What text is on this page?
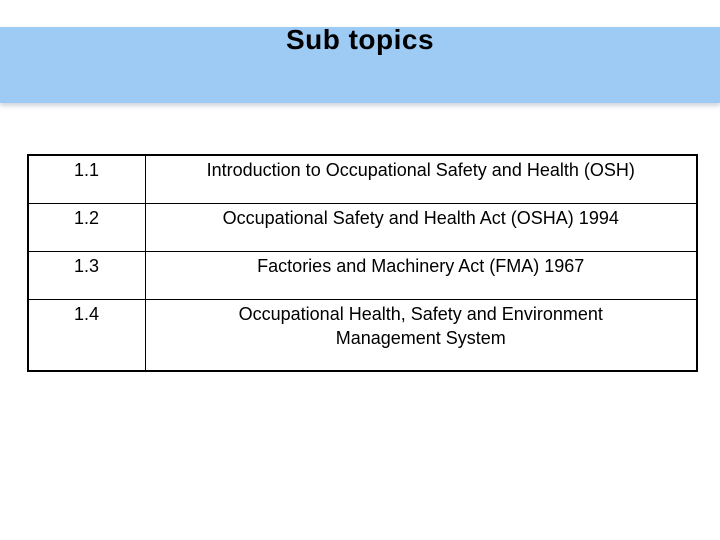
Sub topics
1.1	Introduction to Occupational Safety and Health (OSH)
1.2	Occupational Safety and Health Act (OSHA) 1994
1.3	Factories and Machinery Act (FMA) 1967
1.4	Occupational Health, Safety and Environment
Management System
